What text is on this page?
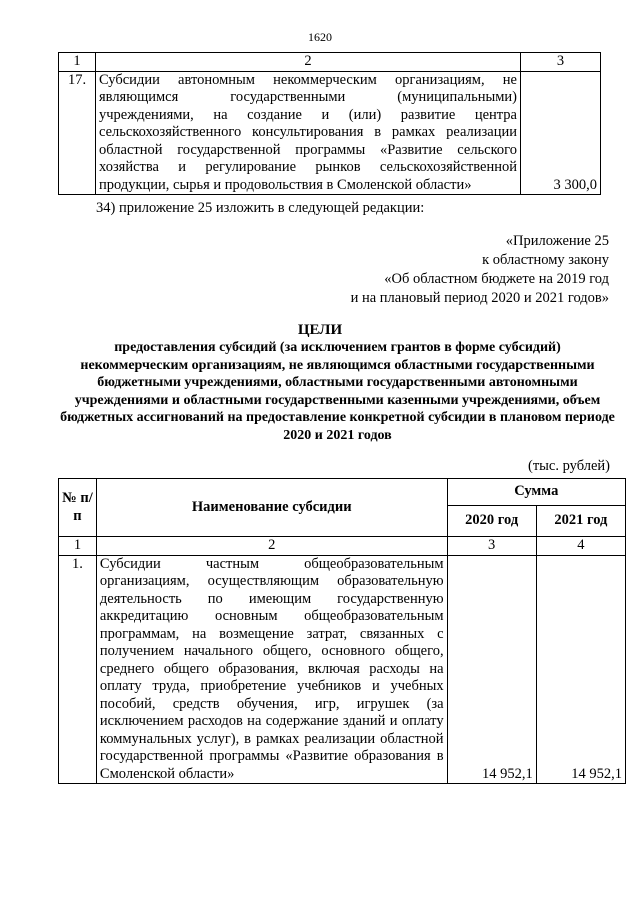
1620
1	2	3
17.	Субсидии автономным некоммерческим организациям, не являющимся государственными (муниципальными) учреждениями, на создание и (или) развитие центра сельскохозяйственного консультирования в рамках реализации областной государственной программы «Развитие сельского хозяйства и регулирование рынков сельскохозяйственной продукции, сырья и продовольствия в Смоленской области»	3 300,0
34) приложение 25 изложить в следующей редакции:
«Приложение 25
к областному закону
«Об областном бюджете на 2019 год
и на плановый период 2020 и 2021 годов»
ЦЕЛИ
предоставления субсидий (за исключением грантов в форме субсидий) некоммерческим организациям, не являющимся областными государственными бюджетными учреждениями, областными государственными автономными учреждениями и областными государственными казенными учреждениями, объем бюджетных ассигнований на предоставление конкретной субсидии в плановом периоде 2020 и 2021 годов
(тыс. рублей)
№ п/п	Наименование субсидии	Сумма	
		2020 год	2021 год
1	2	3	4
1.	Субсидии частным общеобразовательным организациям, осуществляющим образовательную деятельность по имеющим государственную аккредитацию основным общеобразовательным программам, на возмещение затрат, связанных с получением начального общего, основного общего, среднего общего образования, включая расходы на оплату труда, приобретение учебников и учебных пособий, средств обучения, игр, игрушек (за исключением расходов на содержание зданий и оплату коммунальных услуг), в рамках реализации областной государственной программы «Развитие образования в Смоленской области»	14 952,1	14 952,1
